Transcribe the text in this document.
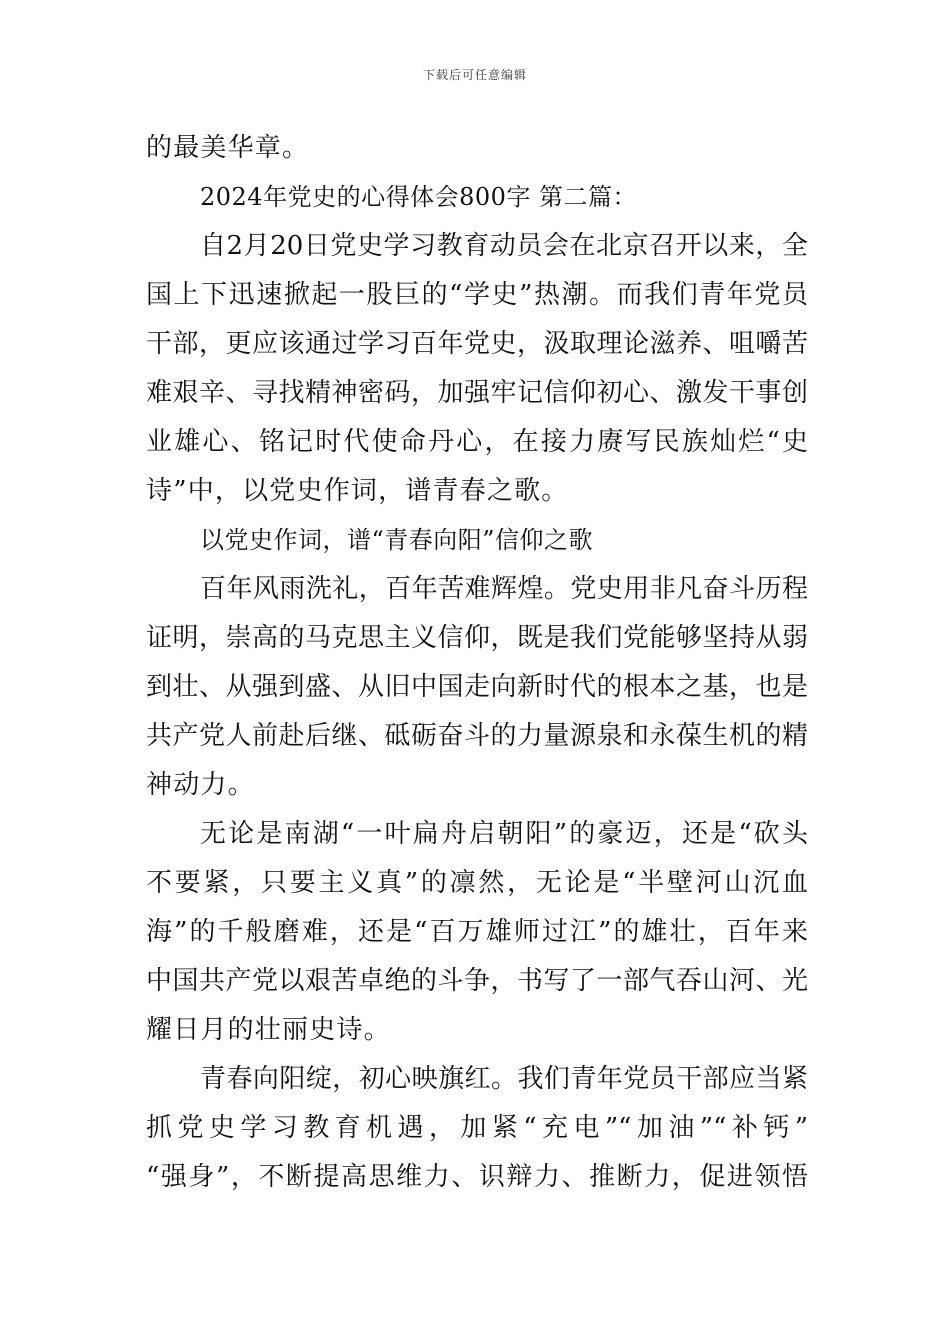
下载后可任意编辑
的最美华章。
2024年党史的心得体会800字 第二篇：
自2月20日党史学习教育动员会在北京召开以来，全
国上下迅速掀起一股巨的“学史”热潮。而我们青年党员
干部，更应该通过学习百年党史，汲取理论滋养、咀嚼苦
难艰辛、寻找精神密码，加强牢记信仰初心、激发干事创
业雄心、铭记时代使命丹心，在接力赓写民族灿烂“史
诗”中，以党史作词，谱青春之歌。
以党史作词，谱“青春向阳”信仰之歌
百年风雨洗礼，百年苦难辉煌。党史用非凡奋斗历程
证明，崇高的马克思主义信仰，既是我们党能够坚持从弱
到壮、从强到盛、从旧中国走向新时代的根本之基，也是
共产党人前赴后继、砥砺奋斗的力量源泉和永葆生机的精
神动力。
无论是南湖“一叶扁舟启朝阳”的豪迈，还是“砍头
不要紧，只要主义真”的凛然，无论是“半壁河山沉血
海”的千般磨难，还是“百万雄师过江”的雄壮，百年来
中国共产党以艰苦卓绝的斗争，书写了一部气吞山河、光
耀日月的壮丽史诗。
青春向阳绽，初心映旗红。我们青年党员干部应当紧
抓党史学习教育机遇，加紧“充电”“加油”“补钙”
“强身”，不断提高思维力、识辩力、推断力，促进领悟
